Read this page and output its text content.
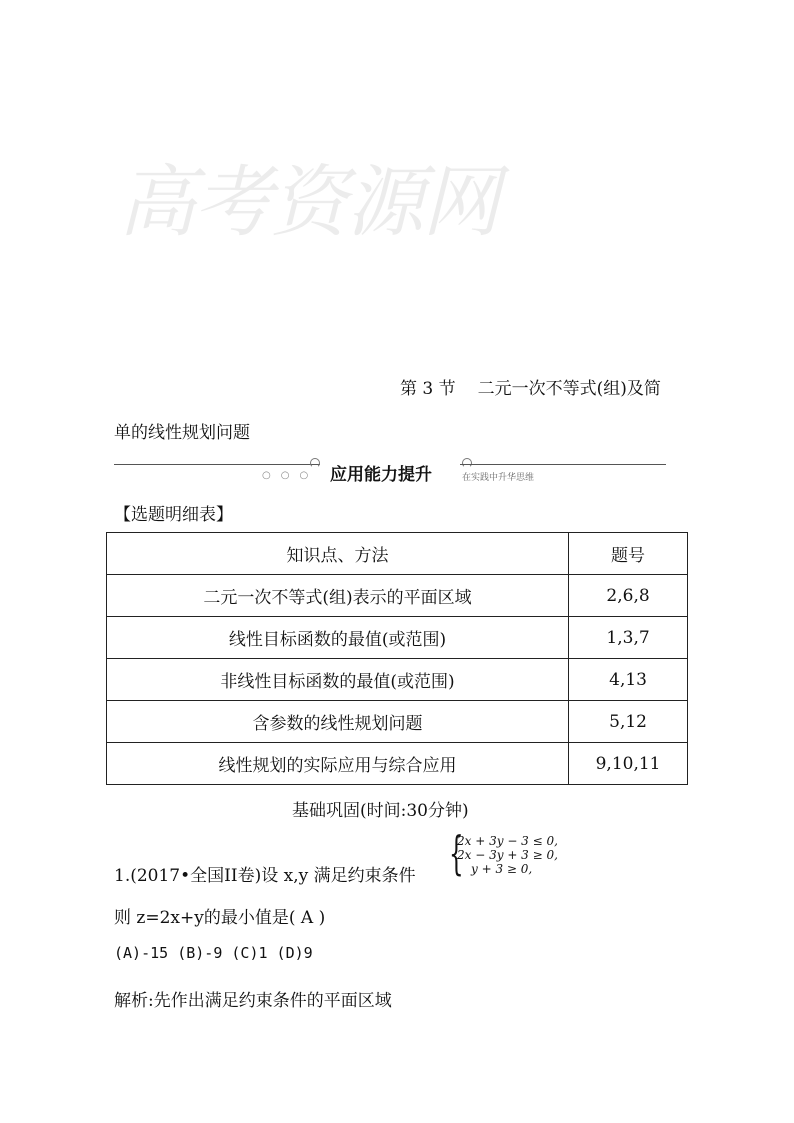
高考资源网
第 3 节 二元一次不等式(组)及简
单的线性规划问题
○○○ 应用能力提升	在实践中升华思维
【选题明细表】
知识点、方法	题号
二元一次不等式(组)表示的平面区域	2,6,8
线性目标函数的最值(或范围)	1,3,7
非线性目标函数的最值(或范围)	4,13
含参数的线性规划问题	5,12
线性规划的实际应用与综合应用	9,10,11
基础巩固(时间:30分钟)
1.(2017•全国II卷)设 x,y 满足约束条件 {
2x + 3y − 3 ≤ 0,
2x − 3y + 3 ≥ 0,
y + 3 ≥ 0,
则 z=2x+y的最小值是( A )
(A)-15 (B)-9 (C)1 (D)9
解析:先作出满足约束条件的平面区域
